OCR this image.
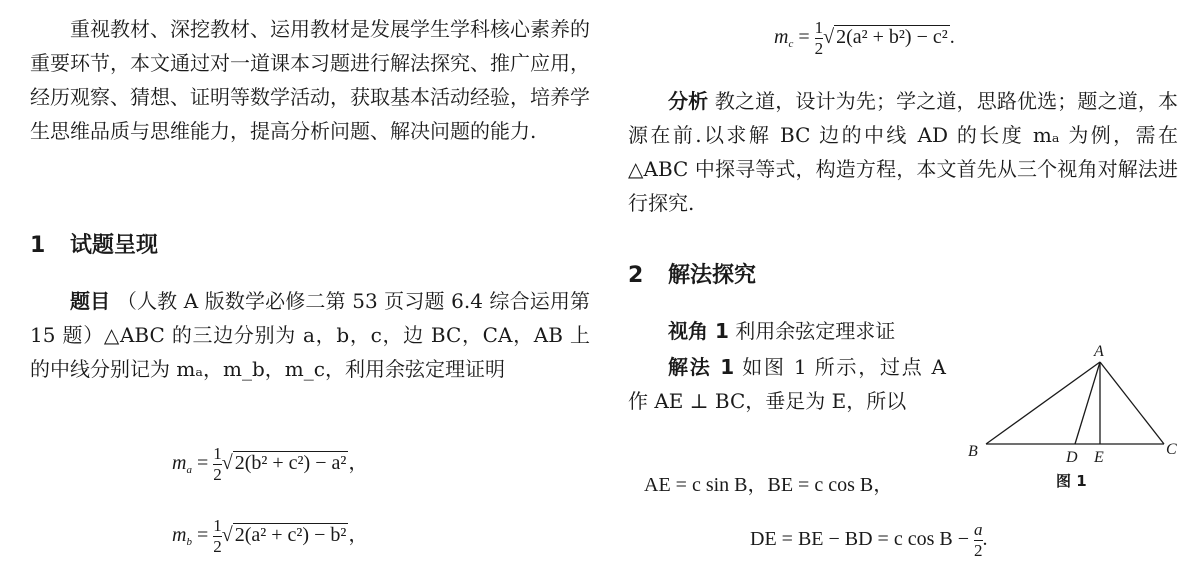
重视教材、深挖教材、运用教材是发展学生学科核心素养的重要环节，本文通过对一道课本习题进行解法探究、推广应用，经历观察、猜想、证明等数学活动，获取基本活动经验，培养学生思维品质与思维能力，提高分析问题、解决问题的能力.

1 试题呈现

题目 （人教 A 版数学必修二第 53 页习题 6.4 综合运用第 15 题）△ABC 的三边分别为 a，b，c，边 BC，CA，AB 上的中线分别记为 mₐ，m_b，m_c，利用余弦定理证明

$m_a = \frac{1}{2}$ √ 2(b² + c²) − a² ，
$m_b = \frac{1}{2}$ √ 2(a² + c²) − b² ，
$m_c = \frac{1}{2}$ √ 2(a² + b²) − c² .

分析 教之道，设计为先；学之道，思路优选；题之道，本源在前.以求解 BC 边的中线 AD 的长度 mₐ 为例，需在△ABC 中探寻等式，构造方程，本文首先从三个视角对解法进行探究.

2 解法探究

视角 1 利用余弦定理求证

解法 1 如图 1 所示，过点 A 作 AE ⊥ BC，垂足为 E，所以

AE = c sin B，BE = c cos B，
DE = BE − BD = c $\cos B - \frac{a}{2}$ .
A
B	C
D E
图 1
